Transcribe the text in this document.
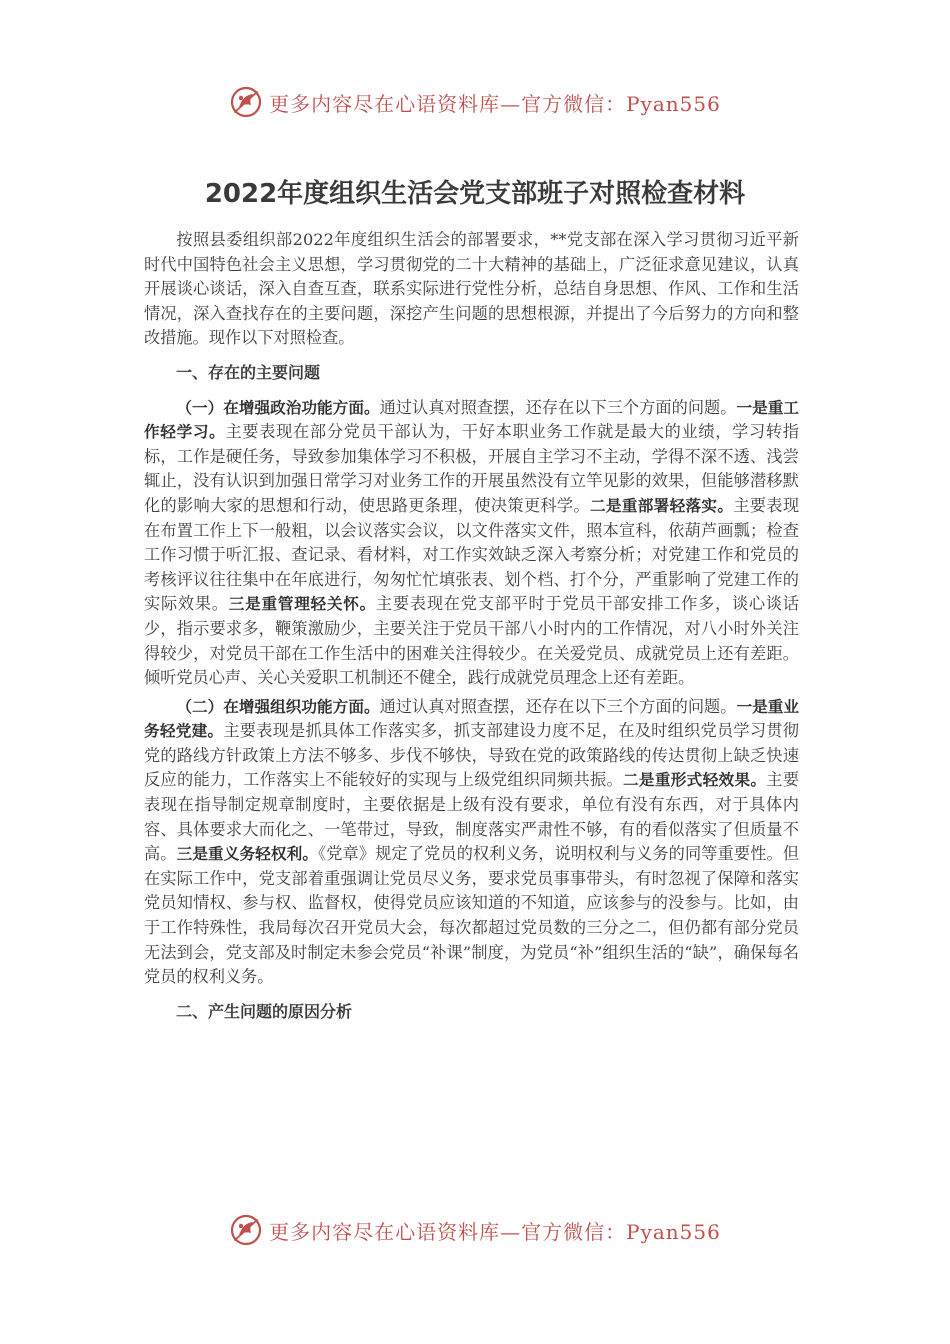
更多内容尽在心语资料库—官方微信：Pyan556
2022年度组织生活会党支部班子对照检查材料

按照县委组织部2022年度组织生活会的部署要求，**党支部在深入学习贯彻习近平新时代中国特色社会主义思想，学习贯彻党的二十大精神的基础上，广泛征求意见建议，认真开展谈心谈话，深入自查互查，联系实际进行党性分析，总结自身思想、作风、工作和生活情况，深入查找存在的主要问题，深挖产生问题的思想根源，并提出了今后努力的方向和整改措施。现作以下对照检查。

一、存在的主要问题

（一）在增强政治功能方面。通过认真对照查摆，还存在以下三个方面的问题。一是重工作轻学习。主要表现在部分党员干部认为，干好本职业务工作就是最大的业绩，学习转指标，工作是硬任务，导致参加集体学习不积极，开展自主学习不主动，学得不深不透、浅尝辄止，没有认识到加强日常学习对业务工作的开展虽然没有立竿见影的效果，但能够潜移默化的影响大家的思想和行动，使思路更条理，使决策更科学。二是重部署轻落实。主要表现在布置工作上下一般粗，以会议落实会议，以文件落实文件，照本宣科，依葫芦画瓢；检查工作习惯于听汇报、查记录、看材料，对工作实效缺乏深入考察分析；对党建工作和党员的考核评议往往集中在年底进行，匆匆忙忙填张表、划个档、打个分，严重影响了党建工作的实际效果。三是重管理轻关怀。主要表现在党支部平时于党员干部安排工作多，谈心谈话少，指示要求多，鞭策激励少，主要关注于党员干部八小时内的工作情况，对八小时外关注得较少，对党员干部在工作生活中的困难关注得较少。在关爱党员、成就党员上还有差距。倾听党员心声、关心关爱职工机制还不健全，践行成就党员理念上还有差距。

（二）在增强组织功能方面。通过认真对照查摆，还存在以下三个方面的问题。一是重业务轻党建。主要表现是抓具体工作落实多，抓支部建设力度不足，在及时组织党员学习贯彻党的路线方针政策上方法不够多、步伐不够快，导致在党的政策路线的传达贯彻上缺乏快速反应的能力，工作落实上不能较好的实现与上级党组织同频共振。二是重形式轻效果。主要表现在指导制定规章制度时，主要依据是上级有没有要求，单位有没有东西，对于具体内容、具体要求大而化之、一笔带过，导致，制度落实严肃性不够，有的看似落实了但质量不高。三是重义务轻权利。《党章》规定了党员的权利义务，说明权利与义务的同等重要性。但在实际工作中，党支部着重强调让党员尽义务，要求党员事事带头，有时忽视了保障和落实党员知情权、参与权、监督权，使得党员应该知道的不知道，应该参与的没参与。比如，由于工作特殊性，我局每次召开党员大会，每次都超过党员数的三分之二，但仍都有部分党员无法到会，党支部及时制定未参会党员“补课”制度，为党员“补”组织生活的“缺”，确保每名党员的权利义务。

二、产生问题的原因分析

更多内容尽在心语资料库—官方微信：Pyan556
